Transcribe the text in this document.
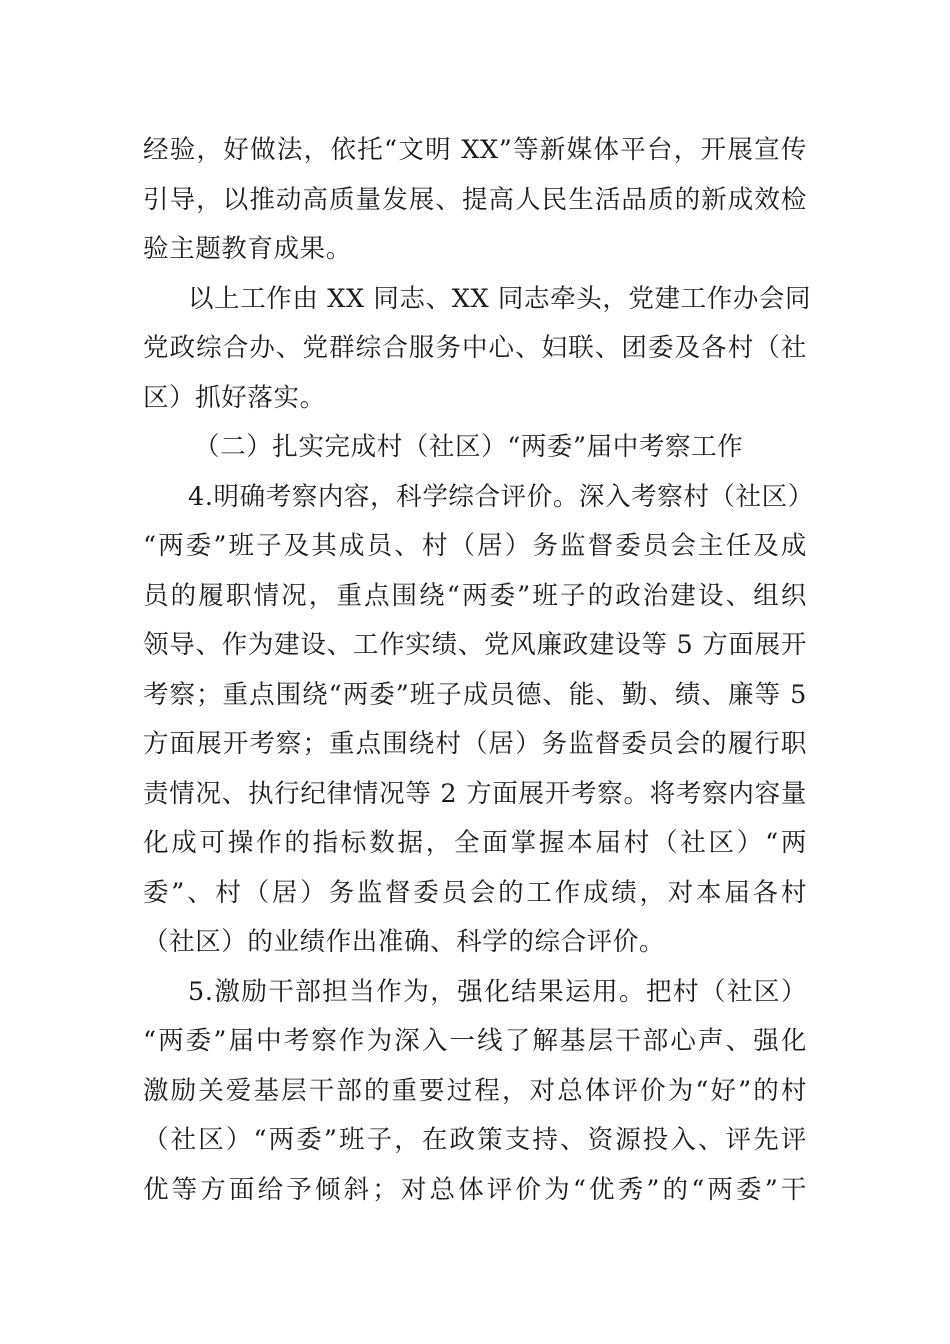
经验，好做法，依托“文明 XX”等新媒体平台，开展宣传
引导，以推动高质量发展、提高人民生活品质的新成效检
验主题教育成果。
以上工作由 XX 同志、XX 同志牵头，党建工作办会同
党政综合办、党群综合服务中心、妇联、团委及各村（社
区）抓好落实。
（二）扎实完成村（社区）“两委”届中考察工作
4.明确考察内容，科学综合评价。深入考察村（社区）
“两委”班子及其成员、村（居）务监督委员会主任及成
员的履职情况，重点围绕“两委”班子的政治建设、组织
领导、作为建设、工作实绩、党风廉政建设等 5 方面展开
考察；重点围绕“两委”班子成员德、能、勤、绩、廉等 5
方面展开考察；重点围绕村（居）务监督委员会的履行职
责情况、执行纪律情况等 2 方面展开考察。将考察内容量
化成可操作的指标数据，全面掌握本届村（社区）“两
委”、村（居）务监督委员会的工作成绩，对本届各村
（社区）的业绩作出准确、科学的综合评价。
5.激励干部担当作为，强化结果运用。把村（社区）
“两委”届中考察作为深入一线了解基层干部心声、强化
激励关爱基层干部的重要过程，对总体评价为“好”的村
（社区）“两委”班子，在政策支持、资源投入、评先评
优等方面给予倾斜；对总体评价为“优秀”的“两委”干
